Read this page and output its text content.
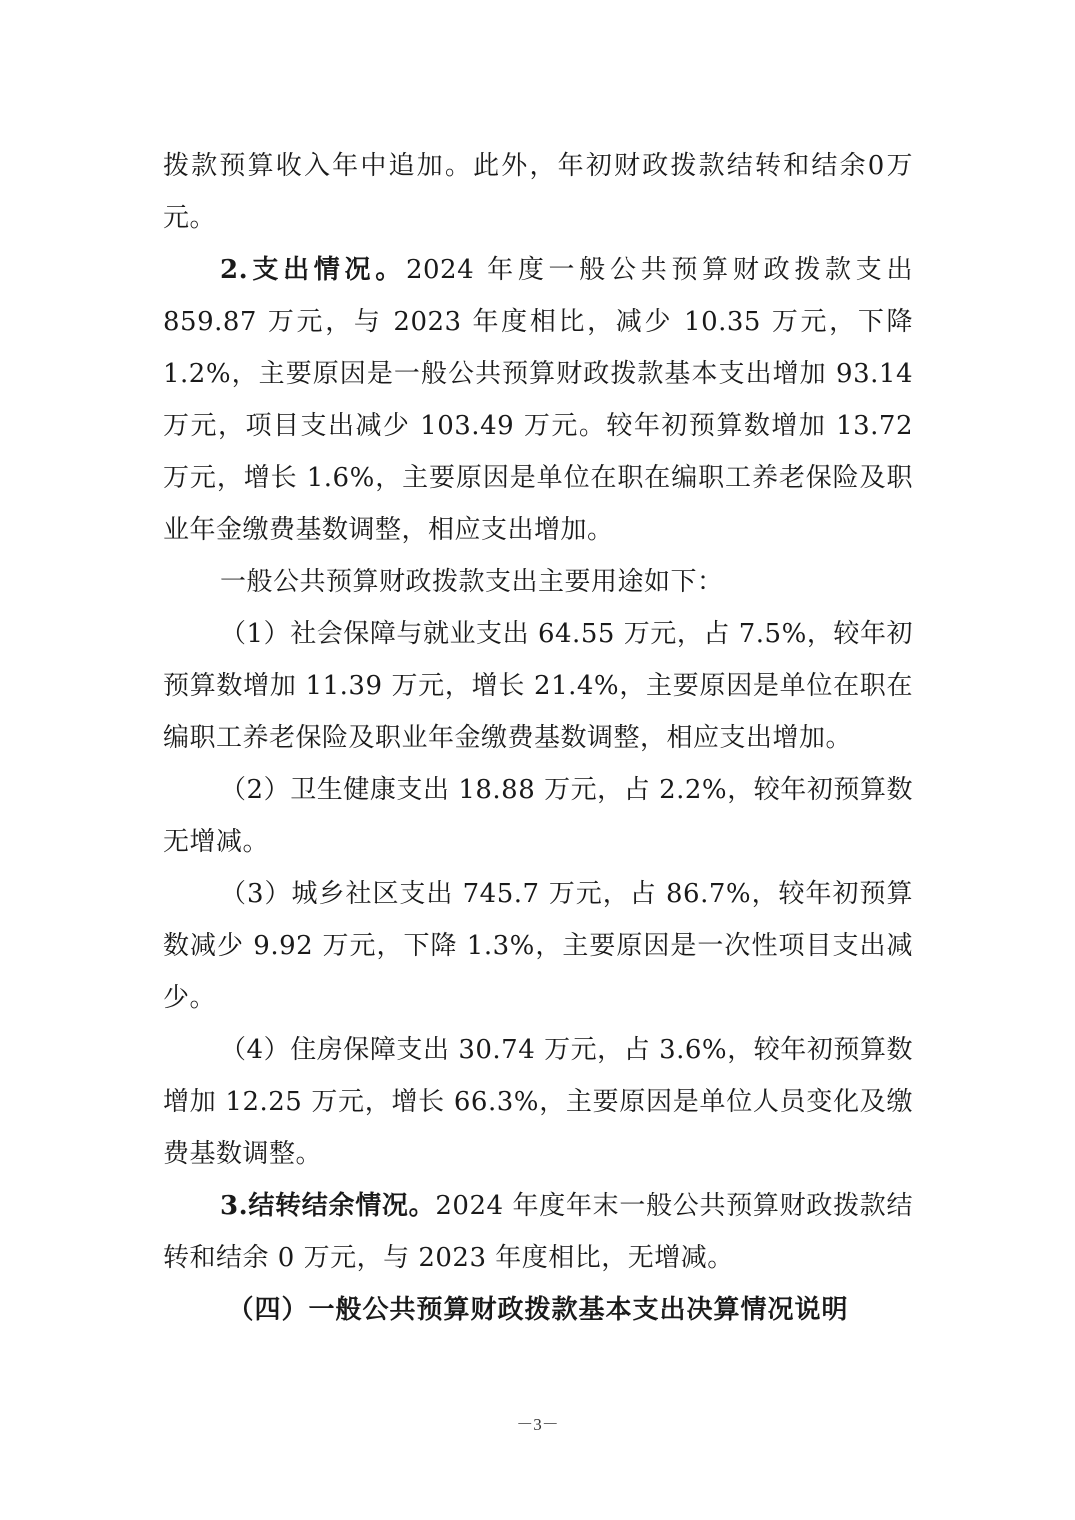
拨款预算收入年中追加。此外，年初财政拨款结转和结余0万元。

2.支出情况。2024 年度一般公共预算财政拨款支出 859.87 万元，与 2023 年度相比，减少 10.35 万元，下降 1.2%，主要原因是一般公共预算财政拨款基本支出增加 93.14 万元，项目支出减少 103.49 万元。较年初预算数增加 13.72 万元，增长 1.6%，主要原因是单位在职在编职工养老保险及职业年金缴费基数调整，相应支出增加。

一般公共预算财政拨款支出主要用途如下：

（1）社会保障与就业支出 64.55 万元，占 7.5%，较年初预算数增加 11.39 万元，增长 21.4%，主要原因是单位在职在编职工养老保险及职业年金缴费基数调整，相应支出增加。

（2）卫生健康支出 18.88 万元，占 2.2%，较年初预算数无增减。

（3）城乡社区支出 745.7 万元，占 86.7%，较年初预算数减少 9.92 万元，下降 1.3%，主要原因是一次性项目支出减少。

（4）住房保障支出 30.74 万元，占 3.6%，较年初预算数增加 12.25 万元，增长 66.3%，主要原因是单位人员变化及缴费基数调整。

3.结转结余情况。2024 年度年末一般公共预算财政拨款结转和结余 0 万元，与 2023 年度相比，无增减。

（四）一般公共预算财政拨款基本支出决算情况说明

－3－
